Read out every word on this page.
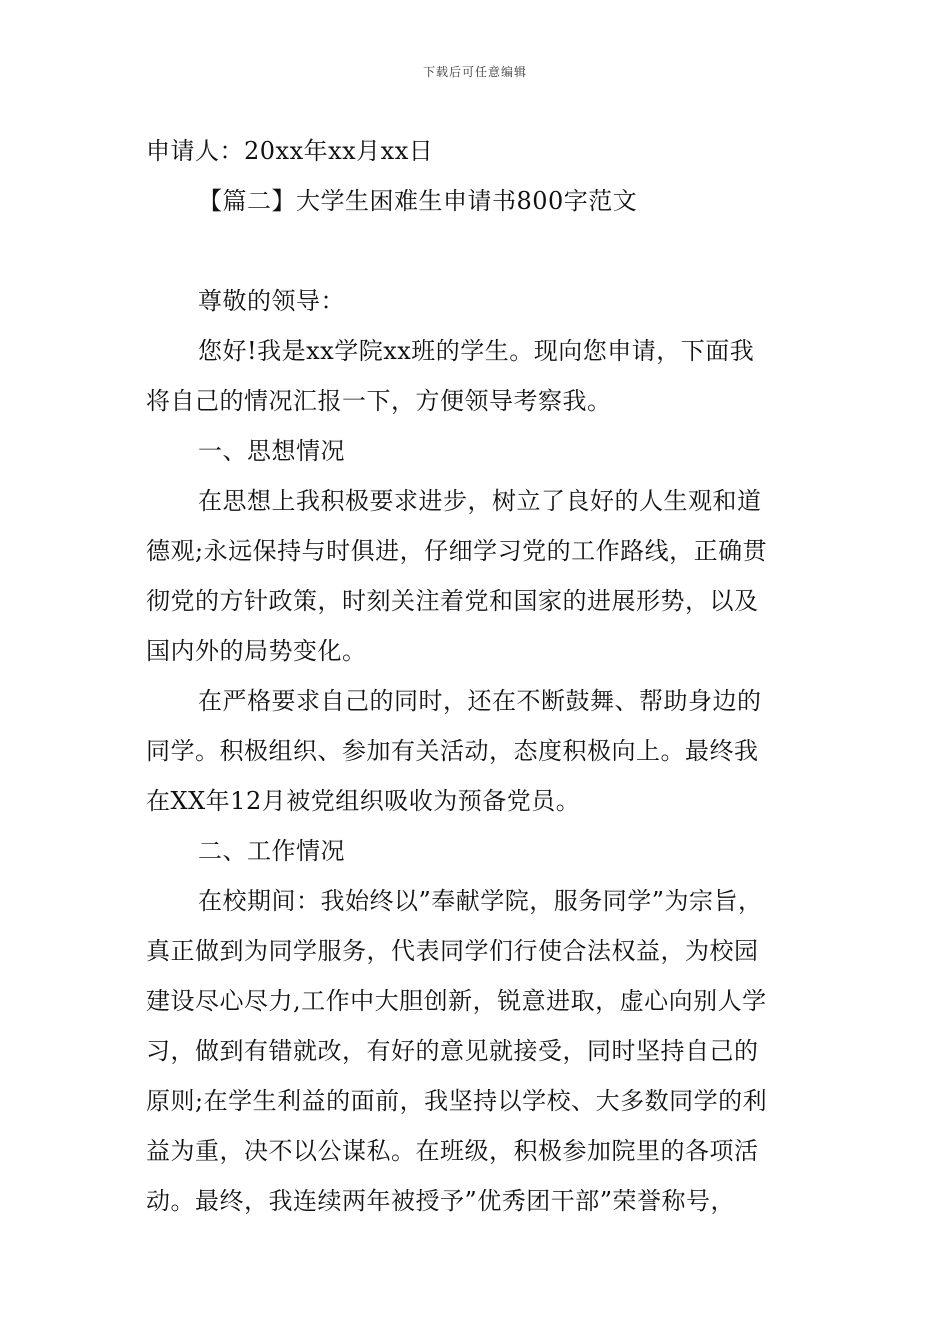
下载后可任意编辑
申请人：20xx年xx月xx日
【篇二】大学生困难生申请书800字范文
尊敬的领导：
您好!我是xx学院xx班的学生。现向您申请，下面我
将自己的情况汇报一下，方便领导考察我。
一、思想情况
在思想上我积极要求进步，树立了良好的人生观和道
德观;永远保持与时俱进，仔细学习党的工作路线，正确贯
彻党的方针政策，时刻关注着党和国家的进展形势，以及
国内外的局势变化。
在严格要求自己的同时，还在不断鼓舞、帮助身边的
同学。积极组织、参加有关活动，态度积极向上。最终我
在XX年12月被党组织吸收为预备党员。
二、工作情况
在校期间：我始终以”奉献学院，服务同学”为宗旨，
真正做到为同学服务，代表同学们行使合法权益，为校园
建设尽心尽力,工作中大胆创新，锐意进取，虚心向别人学
习，做到有错就改，有好的意见就接受，同时坚持自己的
原则;在学生利益的面前，我坚持以学校、大多数同学的利
益为重，决不以公谋私。在班级，积极参加院里的各项活
动。最终，我连续两年被授予”优秀团干部”荣誉称号，
